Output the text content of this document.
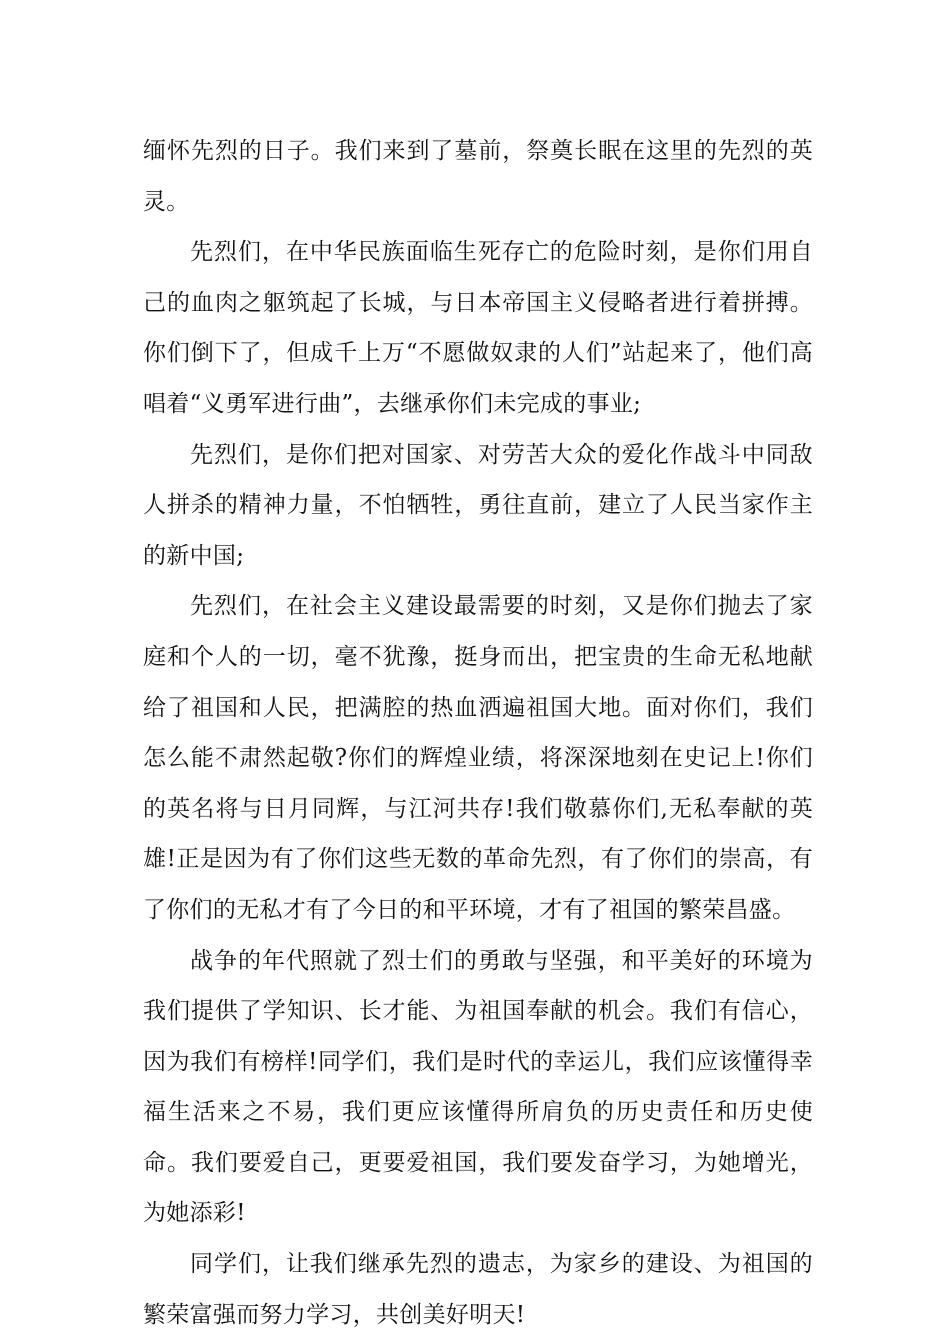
缅怀先烈的日子。我们来到了墓前，祭奠长眠在这里的先烈的英灵。

先烈们，在中华民族面临生死存亡的危险时刻，是你们用自己的血肉之躯筑起了长城，与日本帝国主义侵略者进行着拼搏。你们倒下了，但成千上万“不愿做奴隶的人们”站起来了，他们高唱着“义勇军进行曲”，去继承你们未完成的事业;

先烈们，是你们把对国家、对劳苦大众的爱化作战斗中同敌人拼杀的精神力量，不怕牺牲，勇往直前，建立了人民当家作主的新中国;

先烈们，在社会主义建设最需要的时刻，又是你们抛去了家庭和个人的一切，毫不犹豫，挺身而出，把宝贵的生命无私地献给了祖国和人民，把满腔的热血洒遍祖国大地。面对你们，我们怎么能不肃然起敬?你们的辉煌业绩，将深深地刻在史记上!你们的英名将与日月同辉，与江河共存!我们敬慕你们,无私奉献的英雄!正是因为有了你们这些无数的革命先烈，有了你们的崇高，有了你们的无私才有了今日的和平环境，才有了祖国的繁荣昌盛。

战争的年代照就了烈士们的勇敢与坚强，和平美好的环境为我们提供了学知识、长才能、为祖国奉献的机会。我们有信心，因为我们有榜样!同学们，我们是时代的幸运儿，我们应该懂得幸福生活来之不易，我们更应该懂得所肩负的历史责任和历史使命。我们要爱自己，更要爱祖国，我们要发奋学习，为她增光，为她添彩!

同学们，让我们继承先烈的遗志，为家乡的建设、为祖国的繁荣富强而努力学习，共创美好明天!
